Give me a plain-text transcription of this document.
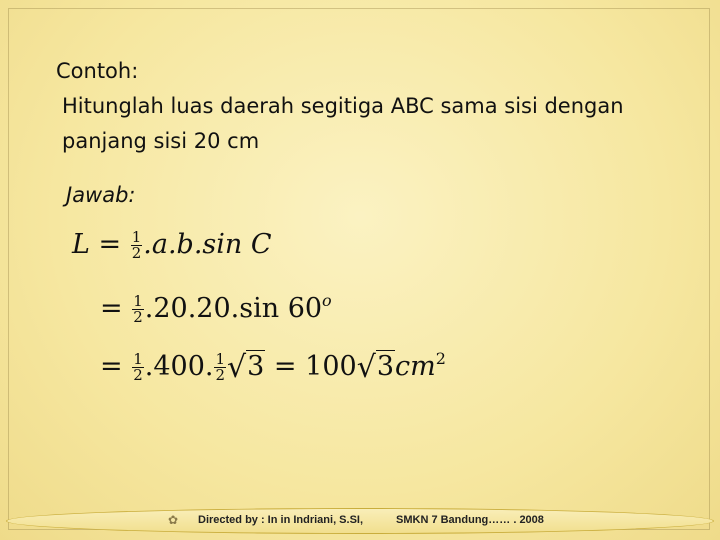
Contoh:
Hitunglah luas daerah segitiga ABC sama sisi dengan
panjang sisi 20 cm
Jawab:
$L = \frac{1}{2} .a.b.\sin$ C
= $\frac{1}{2} .20.20.\sin$ $60^o$
= $\frac{1}{2} .400$. $\frac{1}{2} √3 = 100√3cm^2$
✿ Directed by : In in Indriani, S.SI,	SMKN 7 Bandung…… . 2008
